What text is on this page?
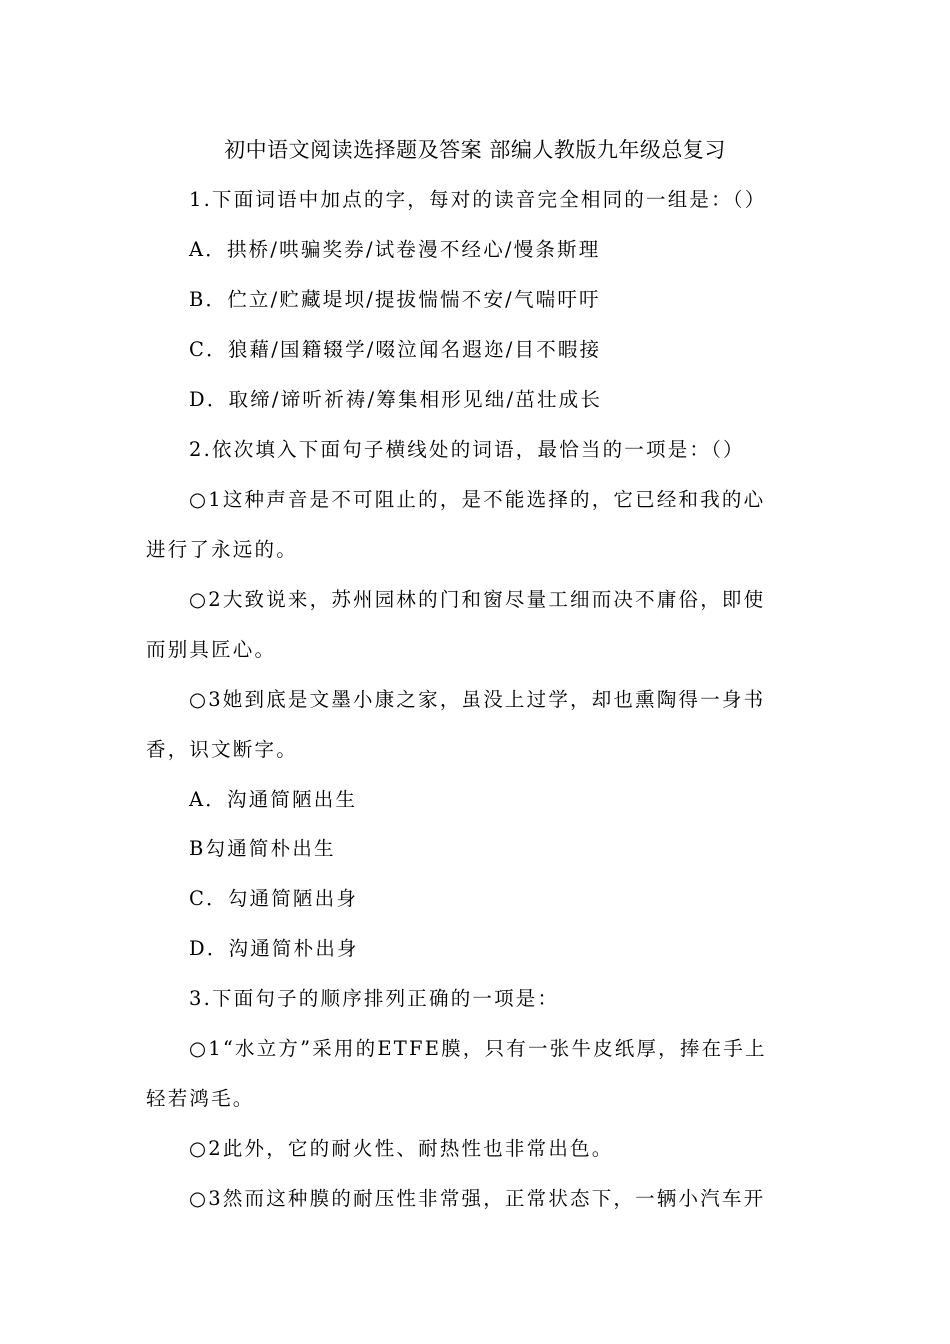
初中语文阅读选择题及答案 部编人教版九年级总复习
1.下面词语中加点的字，每对的读音完全相同的一组是：（）
A．拱桥/哄骗奖券/试卷漫不经心/慢条斯理
B．伫立/贮藏堤坝/提拔惴惴不安/气喘吁吁
C．狼藉/国籍辍学/啜泣闻名遐迩/目不暇接
D．取缔/谛听祈祷/筹集相形见绌/茁壮成长
2.依次填入下面句子横线处的词语，最恰当的一项是：（）
○1这种声音是不可阻止的，是不能选择的，它已经和我的心
进行了永远的。
○2大致说来，苏州园林的门和窗尽量工细而决不庸俗，即使
而别具匠心。
○3她到底是文墨小康之家，虽没上过学，却也熏陶得一身书
香，识文断字。
A．沟通简陋出生
B勾通简朴出生
C．勾通简陋出身
D．沟通简朴出身
3.下面句子的顺序排列正确的一项是：
○1“水立方”采用的ETFE膜，只有一张牛皮纸厚，捧在手上
轻若鸿毛。
○2此外，它的耐火性、耐热性也非常出色。
○3然而这种膜的耐压性非常强，正常状态下，一辆小汽车开
